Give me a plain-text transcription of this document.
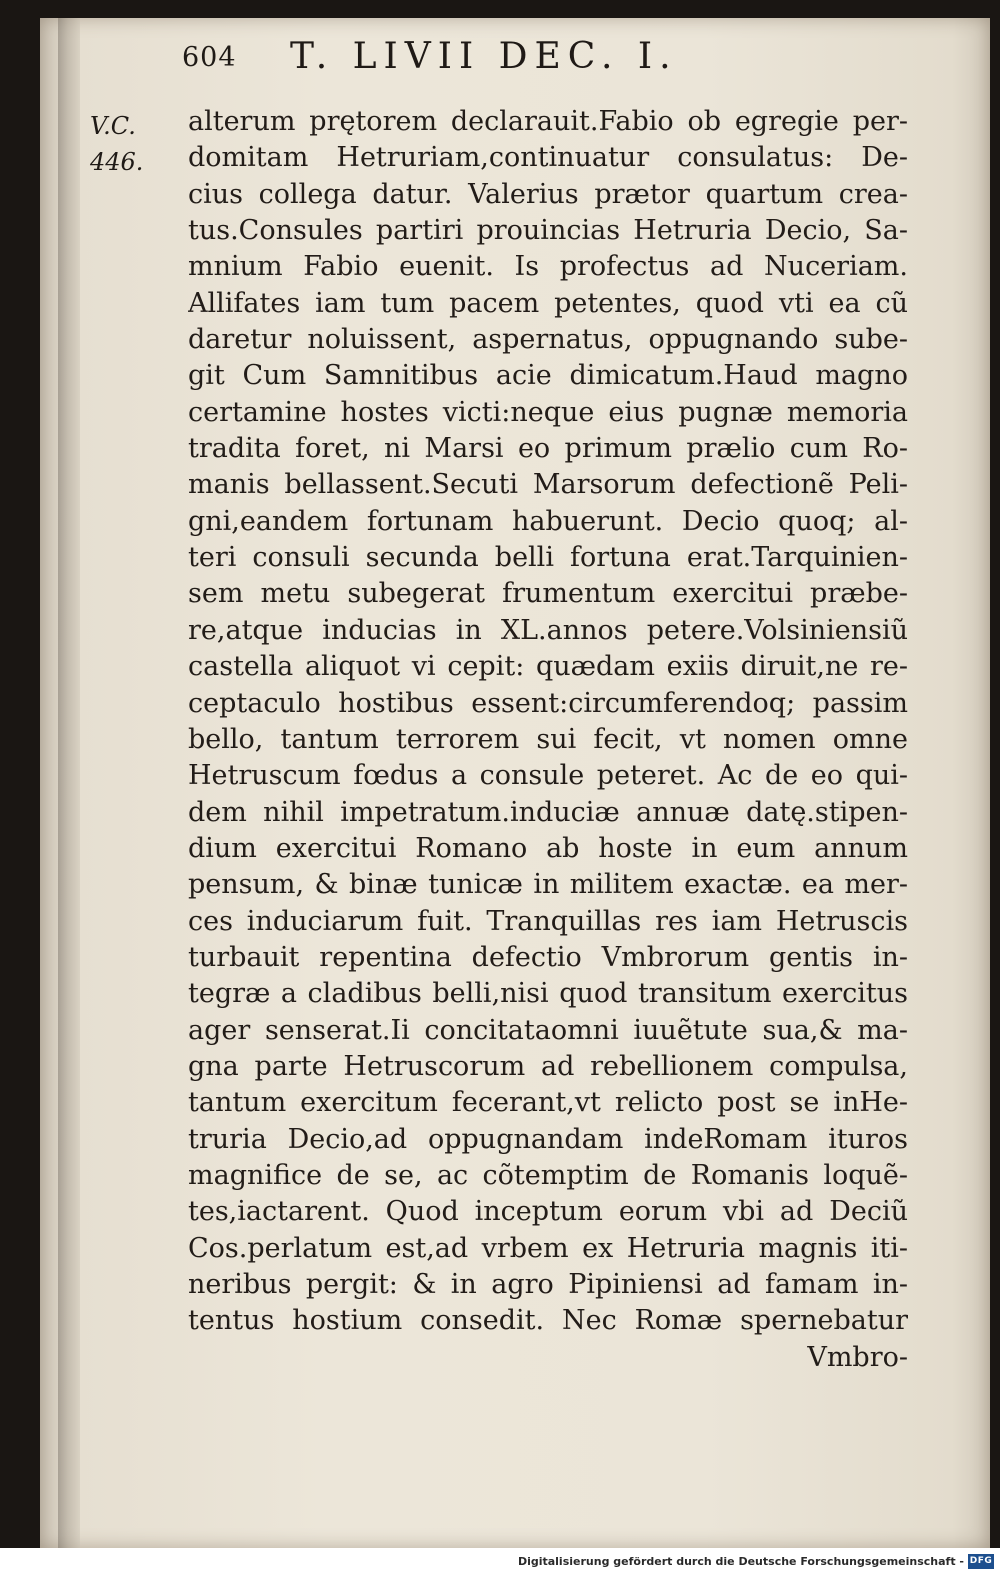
604 T. LIVII DEC. I.
V.C.
446.
alterum prętorem declarauit.Fabio ob egregie per-
domitam Hetruriam,continuatur consulatus: De-
cius collega datur. Valerius prætor quartum crea-
tus.Consules partiri prouincias Hetruria Decio, Sa-
mnium Fabio euenit. Is profectus ad Nuceriam.
Allifates iam tum pacem petentes, quod vti ea cũ
daretur noluissent, aspernatus, oppugnando sube-
git Cum Samnitibus acie dimicatum.Haud magno
certamine hostes victi:neque eius pugnæ memoria
tradita foret, ni Marsi eo primum prælio cum Ro-
manis bellassent.Secuti Marsorum defectionẽ Peli-
gni,eandem fortunam habuerunt. Decio quoq; al-
teri consuli secunda belli fortuna erat.Tarquinien-
sem metu subegerat frumentum exercitui præbe-
re,atque inducias in XL.annos petere.Volsiniensiũ
castella aliquot vi cepit: quædam exiis diruit,ne re-
ceptaculo hostibus essent:circumferendoq; passim
bello, tantum terrorem sui fecit, vt nomen omne
Hetruscum fœdus a consule peteret. Ac de eo qui-
dem nihil impetratum.induciæ annuæ datę.stipen-
dium exercitui Romano ab hoste in eum annum
pensum, & binæ tunicæ in militem exactæ. ea mer-
ces induciarum fuit. Tranquillas res iam Hetruscis
turbauit repentina defectio Vmbrorum gentis in-
tegræ a cladibus belli,nisi quod transitum exercitus
ager senserat.Ii concitataomni iuuẽtute sua,& ma-
gna parte Hetruscorum ad rebellionem compulsa,
tantum exercitum fecerant,vt relicto post se inHe-
truria Decio,ad oppugnandam indeRomam ituros
magnifice de se, ac cõtemptim de Romanis loquẽ-
tes,iactarent. Quod inceptum eorum vbi ad Deciũ
Cos.perlatum est,ad vrbem ex Hetruria magnis iti-
neribus pergit: & in agro Pipiniensi ad famam in-
tentus hostium consedit. Nec Romæ spernebatur
Vmbro-
Digitalisierung gefördert durch die Deutsche Forschungsgemeinschaft - DFG
